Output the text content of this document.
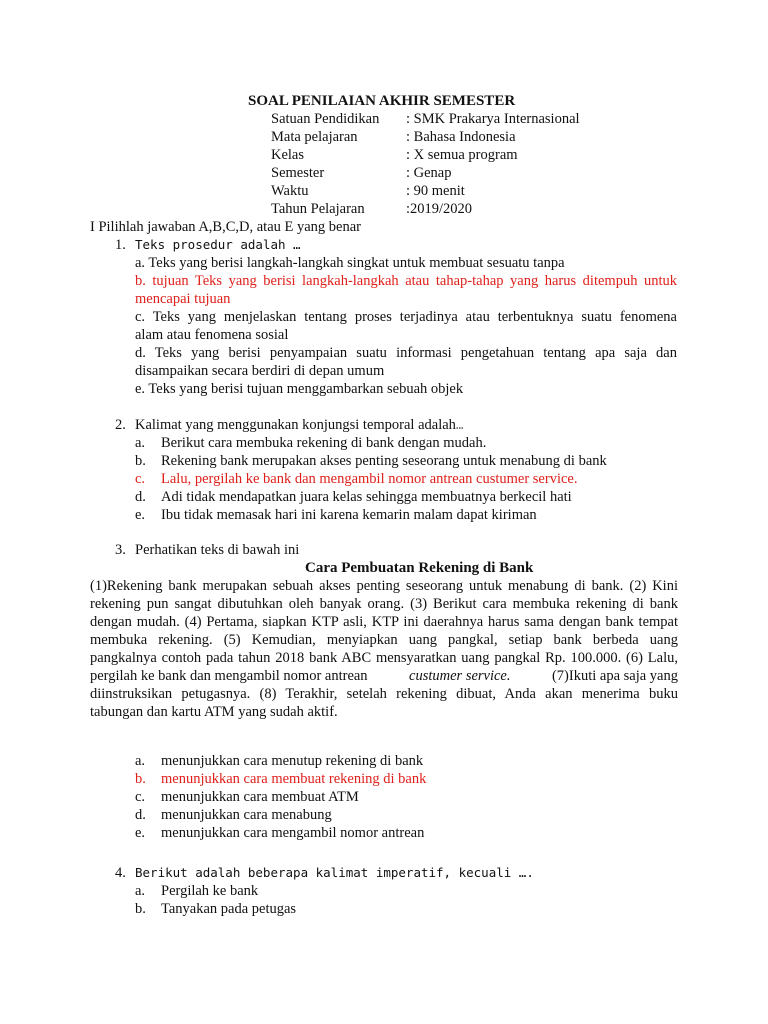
SOAL PENILAIAN AKHIR SEMESTER
Satuan Pendidikan : SMK Prakarya Internasional
Mata pelajaran	: Bahasa Indonesia
Kelas	: X semua program
Semester	: Genap
Waktu	: 90 menit
Tahun Pelajaran	:2019/2020
I Pilihlah jawaban A,B,C,D, atau E yang benar
1. Teks prosedur adalah …
a. Teks yang berisi langkah-langkah singkat untuk membuat sesuatu tanpa
b. tujuan Teks yang berisi langkah-langkah atau tahap-tahap yang harus ditempuh untuk
mencapai tujuan
c. Teks yang menjelaskan tentang proses terjadinya atau terbentuknya suatu fenomena
alam atau fenomena sosial
d. Teks yang berisi penyampaian suatu informasi pengetahuan tentang apa saja dan
disampaikan secara berdiri di depan umum
e. Teks yang berisi tujuan menggambarkan sebuah objek
2. Kalimat yang menggunakan konjungsi temporal adalah…
a. Berikut cara membuka rekening di bank dengan mudah.
b. Rekening bank merupakan akses penting seseorang untuk menabung di bank
c. Lalu, pergilah ke bank dan mengambil nomor antrean custumer service.
d. Adi tidak mendapatkan juara kelas sehingga membuatnya berkecil hati
e. Ibu tidak memasak hari ini karena kemarin malam dapat kiriman
3. Perhatikan teks di bawah ini
Cara Pembuatan Rekening di Bank
(1)Rekening bank merupakan sebuah akses penting seseorang untuk menabung di bank. (2) Kini
rekening pun sangat dibutuhkan oleh banyak orang. (3) Berikut cara membuka rekening di bank
dengan mudah. (4) Pertama, siapkan KTP asli, KTP ini daerahnya harus sama dengan bank tempat
membuka rekening. (5) Kemudian, menyiapkan uang pangkal, setiap bank berbeda uang
pangkalnya contoh pada tahun 2018 bank ABC mensyaratkan uang pangkal Rp. 100.000. (6) Lalu,
pergilah ke bank dan mengambil nomor antrean	custumer service.	(7)Ikuti apa saja yang
diinstruksikan petugasnya. (8) Terakhir, setelah rekening dibuat, Anda akan menerima buku
tabungan dan kartu ATM yang sudah aktif.
a. menunjukkan cara menutup rekening di bank
b. menunjukkan cara membuat rekening di bank
c. menunjukkan cara membuat ATM
d. menunjukkan cara menabung
e. menunjukkan cara mengambil nomor antrean
4. Berikut adalah beberapa kalimat imperatif, kecuali ….
a. Pergilah ke bank
b. Tanyakan pada petugas
